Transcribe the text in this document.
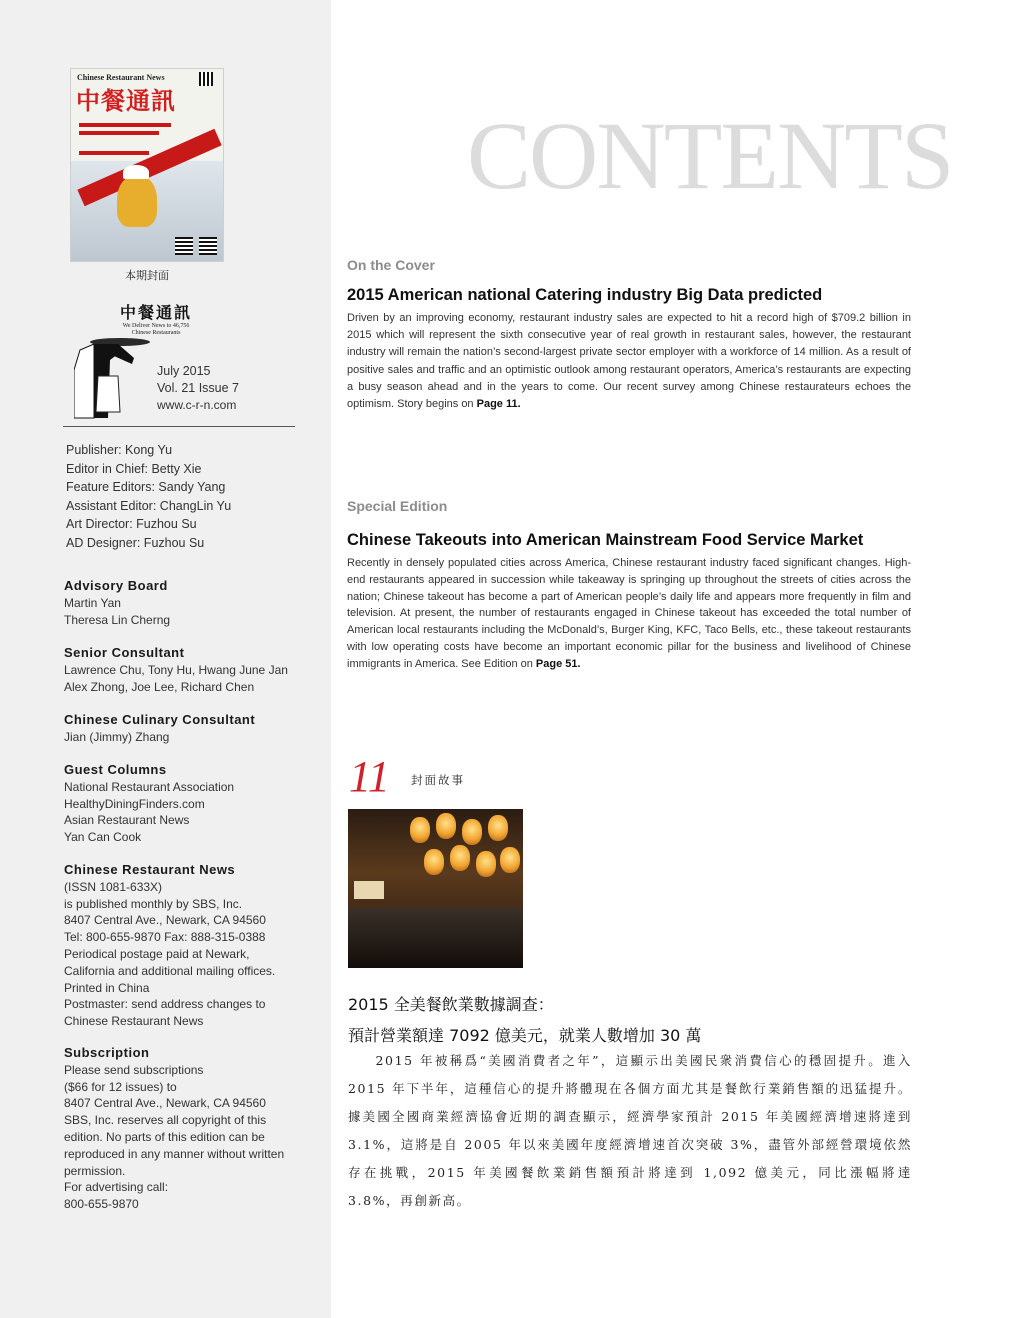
Chinese Restaurant News
中餐通訊
本期封面
中餐通訊
We Deliver News to 46,756
Chinese Restaurants
July 2015
Vol. 21 Issue 7
www.c-r-n.com
Publisher: Kong Yu
Editor in Chief: Betty Xie
Feature Editors: Sandy Yang
Assistant Editor: ChangLin Yu
Art Director: Fuzhou Su
AD Designer: Fuzhou Su
Advisory Board
Martin Yan
Theresa Lin Cherng
Senior Consultant
Lawrence Chu, Tony Hu, Hwang June Jan
Alex Zhong, Joe Lee, Richard Chen
Chinese Culinary Consultant
Jian (Jimmy) Zhang
Guest Columns
National Restaurant Association
HealthyDiningFinders.com
Asian Restaurant News
Yan Can Cook
Chinese Restaurant News
(ISSN 1081-633X)
is published monthly by SBS, Inc.
8407 Central Ave., Newark, CA 94560
Tel: 800-655-9870 Fax: 888-315-0388
Periodical postage paid at Newark,
California and additional mailing offices.
Printed in China
Postmaster: send address changes to
Chinese Restaurant News
Subscription
Please send subscriptions
($66 for 12 issues) to
8407 Central Ave., Newark, CA 94560
SBS, Inc. reserves all copyright of this
edition. No parts of this edition can be
reproduced in any manner without written
permission.
For advertising call:
800-655-9870
CONTENTS
On the Cover
2015 American national Catering industry Big Data predicted
Driven by an improving economy, restaurant industry sales are expected to hit a record high of $709.2 billion in 2015 which will represent the sixth consecutive year of real growth in restaurant sales, however, the restaurant industry will remain the nation’s second-largest private sector employer with a workforce of 14 million. As a result of positive sales and traffic and an optimistic outlook among restaurant operators, America’s restaurants are expecting a busy season ahead and in the years to come. Our recent survey among Chinese restaurateurs echoes the optimism. Story begins on Page 11.
Special Edition
Chinese Takeouts into American Mainstream Food Service Market
Recently in densely populated cities across America, Chinese restaurant industry faced significant changes. High-end restaurants appeared in succession while takeaway is springing up throughout the streets of cities across the nation; Chinese takeout has become a part of American people’s daily life and appears more frequently in film and television. At present, the number of restaurants engaged in Chinese takeout has exceeded the total number of American local restaurants including the McDonald’s, Burger King, KFC, Taco Bells, etc., these takeout restaurants with low operating costs have become an important economic pillar for the business and livelihood of Chinese immigrants in America. See Edition on Page 51.
11 封面故事
2015 全美餐飲業數據調查：
預計營業額達 7092 億美元，就業人數增加 30 萬
2015 年被稱爲“美國消費者之年”，這顯示出美國民衆消費信心的穩固提升。進入 2015 年下半年，這種信心的提升將體現在各個方面尤其是餐飲行業銷售額的迅猛提升。據美國全國商業經濟協會近期的調查顯示，經濟學家預計 2015 年美國經濟增速將達到 3.1%，這將是自 2005 年以來美國年度經濟增速首次突破 3%，盡管外部經營環境依然存在挑戰，2015 年美國餐飲業銷售額預計將達到 1,092 億美元，同比漲幅將達 3.8%，再創新高。
